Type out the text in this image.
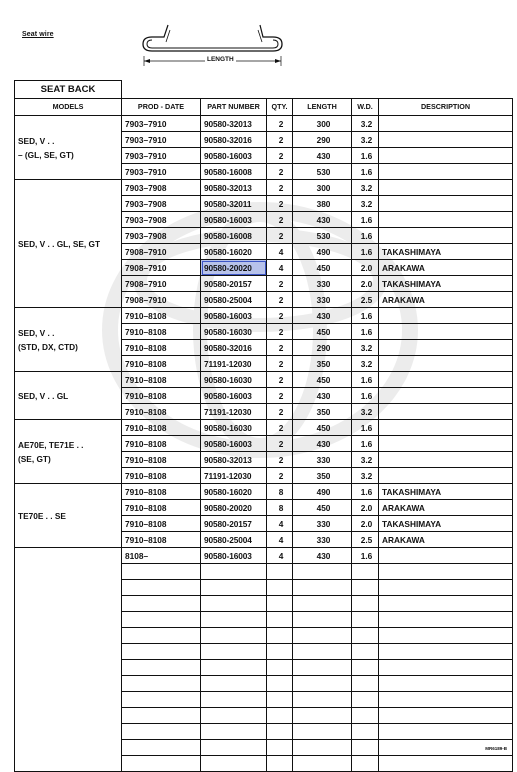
Seat wire
LENGTH
SEAT BACK						
MODELS	PROD - DATE	PART NUMBER	QTY.	LENGTH	W.D.	DESCRIPTION
SED, V . .
– (GL, SE, GT)	7903–7910	90580-32013	2	300	3.2	
	7903–7910	90580-32016	2	290	3.2	
	7903–7910	90580-16003	2	430	1.6	
	7903–7910	90580-16008	2	530	1.6	
SED, V . . GL, SE, GT	7903–7908	90580-32013	2	300	3.2	
	7903–7908	90580-32011	2	380	3.2	
	7903–7908	90580-16003	2	430	1.6	
	7903–7908	90580-16008	2	530	1.6	
	7908–7910	90580-16020	4	490	1.6	TAKASHIMAYA
	7908–7910	90580-20020	4	450	2.0	ARAKAWA
	7908–7910	90580-20157	2	330	2.0	TAKASHIMAYA
	7908–7910	90580-25004	2	330	2.5	ARAKAWA
SED, V . .
(STD, DX, CTD)	7910–8108	90580-16003	2	430	1.6	
	7910–8108	90580-16030	2	450	1.6	
	7910–8108	90580-32016	2	290	3.2	
	7910–8108	71191-12030	2	350	3.2	
SED, V . . GL	7910–8108	90580-16030	2	450	1.6	
	7910–8108	90580-16003	2	430	1.6	
	7910–8108	71191-12030	2	350	3.2	
AE70E, TE71E . .
(SE, GT)	7910–8108	90580-16030	2	450	1.6	
	7910–8108	90580-16003	2	430	1.6	
	7910–8108	90580-32013	2	330	3.2	
	7910–8108	71191-12030	2	350	3.2	
TE70E . . SE	7910–8108	90580-16020	8	490	1.6	TAKASHIMAYA
	7910–8108	90580-20020	8	450	2.0	ARAKAWA
	7910–8108	90580-20157	4	330	2.0	TAKASHIMAYA
	7910–8108	90580-25004	4	330	2.5	ARAKAWA
	8108–	90580-16003	4	430	1.6	

MR6189-B
